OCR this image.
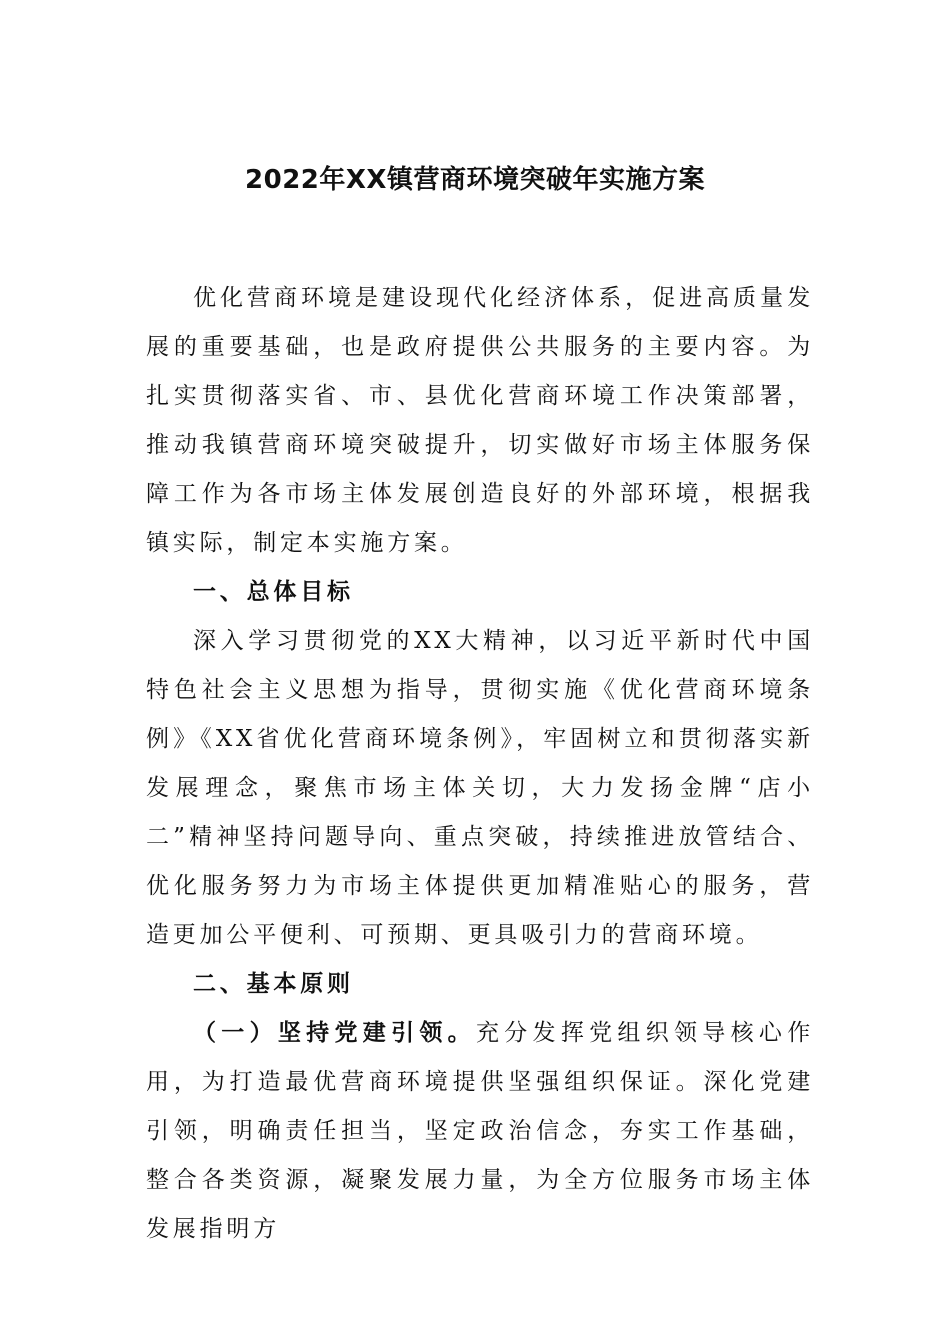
2022年XX镇营商环境突破年实施方案

优化营商环境是建设现代化经济体系，促进高质量发展的重要基础，也是政府提供公共服务的主要内容。为扎实贯彻落实省、市、县优化营商环境工作决策部署，推动我镇营商环境突破提升，切实做好市场主体服务保障工作为各市场主体发展创造良好的外部环境，根据我镇实际，制定本实施方案。

一、总体目标

深入学习贯彻党的XX大精神，以习近平新时代中国特色社会主义思想为指导，贯彻实施《优化营商环境条例》《XX省优化营商环境条例》，牢固树立和贯彻落实新发展理念，聚焦市场主体关切，大力发扬金牌“店小二”精神坚持问题导向、重点突破，持续推进放管结合、优化服务努力为市场主体提供更加精准贴心的服务，营造更加公平便利、可预期、更具吸引力的营商环境。

二、基本原则

（一）坚持党建引领。充分发挥党组织领导核心作用，为打造最优营商环境提供坚强组织保证。深化党建引领，明确责任担当，坚定政治信念，夯实工作基础，整合各类资源，凝聚发展力量，为全方位服务市场主体发展指明方
